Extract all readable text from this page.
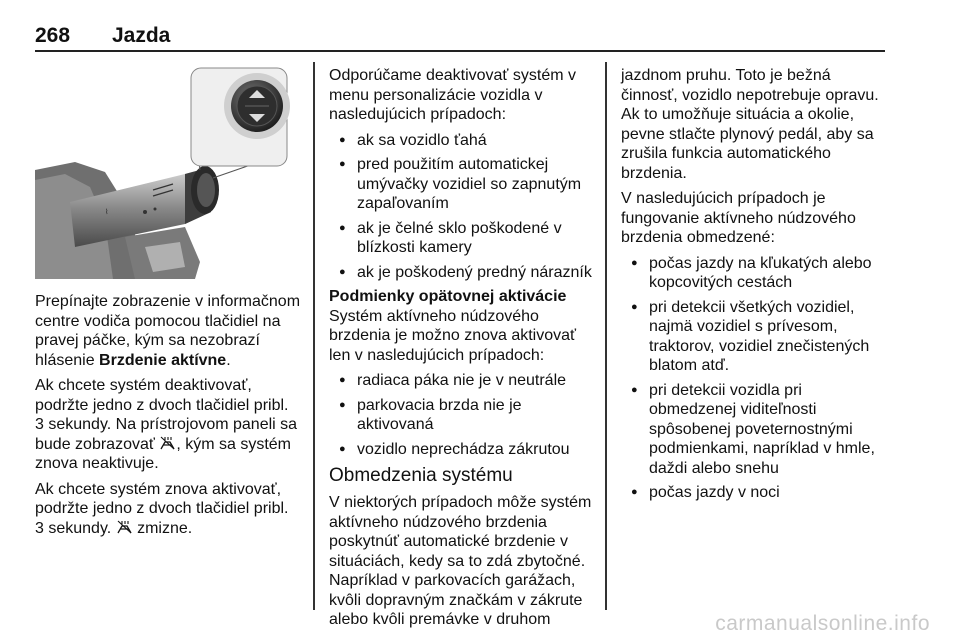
268 Jazda
⌇

Prepínajte zobrazenie v informačnom centre vodiča pomocou tlačidiel na pravej páčke, kým sa nezobrazí hlásenie Brzdenie aktívne.

Ak chcete systém deaktivovať, podržte jedno z dvoch tlačidiel pribl. 3 sekundy. Na prístrojovom paneli sa bude zobrazovať , kým sa systém znova neaktivuje.

Ak chcete systém znova aktivovať, podržte jedno z dvoch tlačidiel pribl. 3 sekundy.  zmizne.

Odporúčame deaktivovať systém v menu personalizácie vozidla v nasledujúcich prípadoch:

● ak sa vozidlo ťahá
● pred použitím automatickej umývačky vozidiel so zapnutým zapaľovaním
● ak je čelné sklo poškodené v blízkosti kamery
● ak je poškodený predný nárazník
Podmienky opätovnej aktivácie

Systém aktívneho núdzového brzdenia je možno znova aktivovať len v nasledujúcich prípadoch:

● radiaca páka nie je v neutrále
● parkovacia brzda nie je aktivovaná
● vozidlo neprechádza zákrutou
Obmedzenia systému

V niektorých prípadoch môže systém aktívneho núdzového brzdenia poskytnúť automatické brzdenie v situáciách, kedy sa to zdá zbytočné. Napríklad v parkovacích garážach, kvôli dopravným značkám v zákrute alebo kvôli premávke v druhom

jazdnom pruhu. Toto je bežná činnosť, vozidlo nepotrebuje opravu. Ak to umožňuje situácia a okolie, pevne stlačte plynový pedál, aby sa zrušila funkcia automatického brzdenia.

V nasledujúcich prípadoch je fungovanie aktívneho núdzového brzdenia obmedzené:

● počas jazdy na kľukatých alebo kopcovitých cestách
● pri detekcii všetkých vozidiel, najmä vozidiel s prívesom, traktorov, vozidiel znečistených blatom atď.
● pri detekcii vozidla pri obmedzenej viditeľnosti spôsobenej poveternostnými podmienkami, napríklad v hmle, daždi alebo snehu
● počas jazdy v noci
carmanualsonline.info
